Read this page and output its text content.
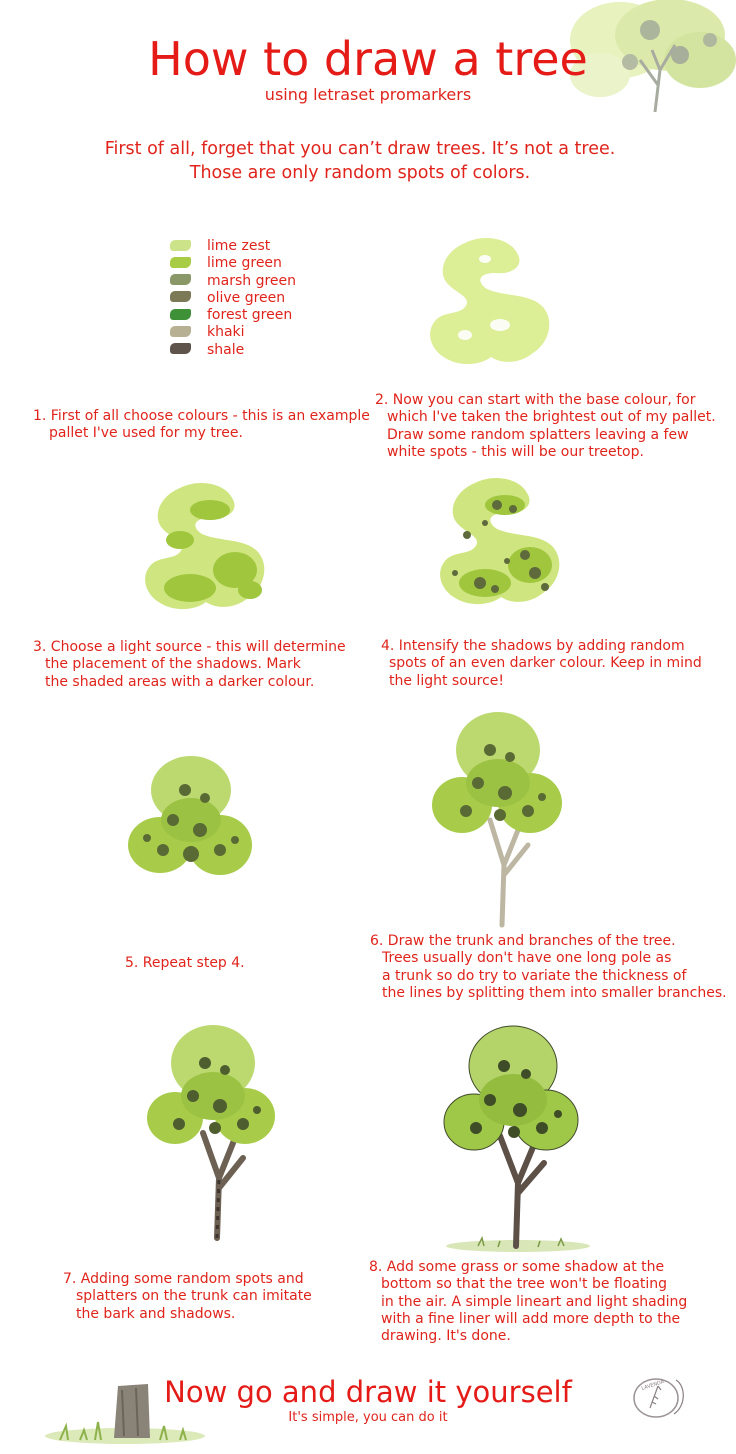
How to draw a tree
using letraset promarkers
First of all, forget that you can’t draw trees. It’s not a tree.
Those are only random spots of colors.
lime zest
lime green
marsh green
olive green
forest green
khaki
shale
1. First of all choose colours - this is an example
pallet I've used for my tree.
2. Now you can start with the base colour, for
which I've taken the brightest out of my pallet.
Draw some random splatters leaving a few
white spots - this will be our treetop.
3. Choose a light source - this will determine
the placement of the shadows. Mark
the shaded areas with a darker colour.
4. Intensify the shadows by adding random
spots of an even darker colour. Keep in mind
the light source!
5. Repeat step 4.
6. Draw the trunk and branches of the tree.
Trees usually don't have one long pole as
a trunk so do try to variate the thickness of
the lines by splitting them into smaller branches.
7. Adding some random spots and
splatters on the trunk can imitate
the bark and shadows.
8. Add some grass or some shadow at the
bottom so that the tree won't be floating
in the air. A simple lineart and light shading
with a fine liner will add more depth to the
drawing. It's done.
Now go and draw it yourself
It's simple, you can do it
LAVENDA
